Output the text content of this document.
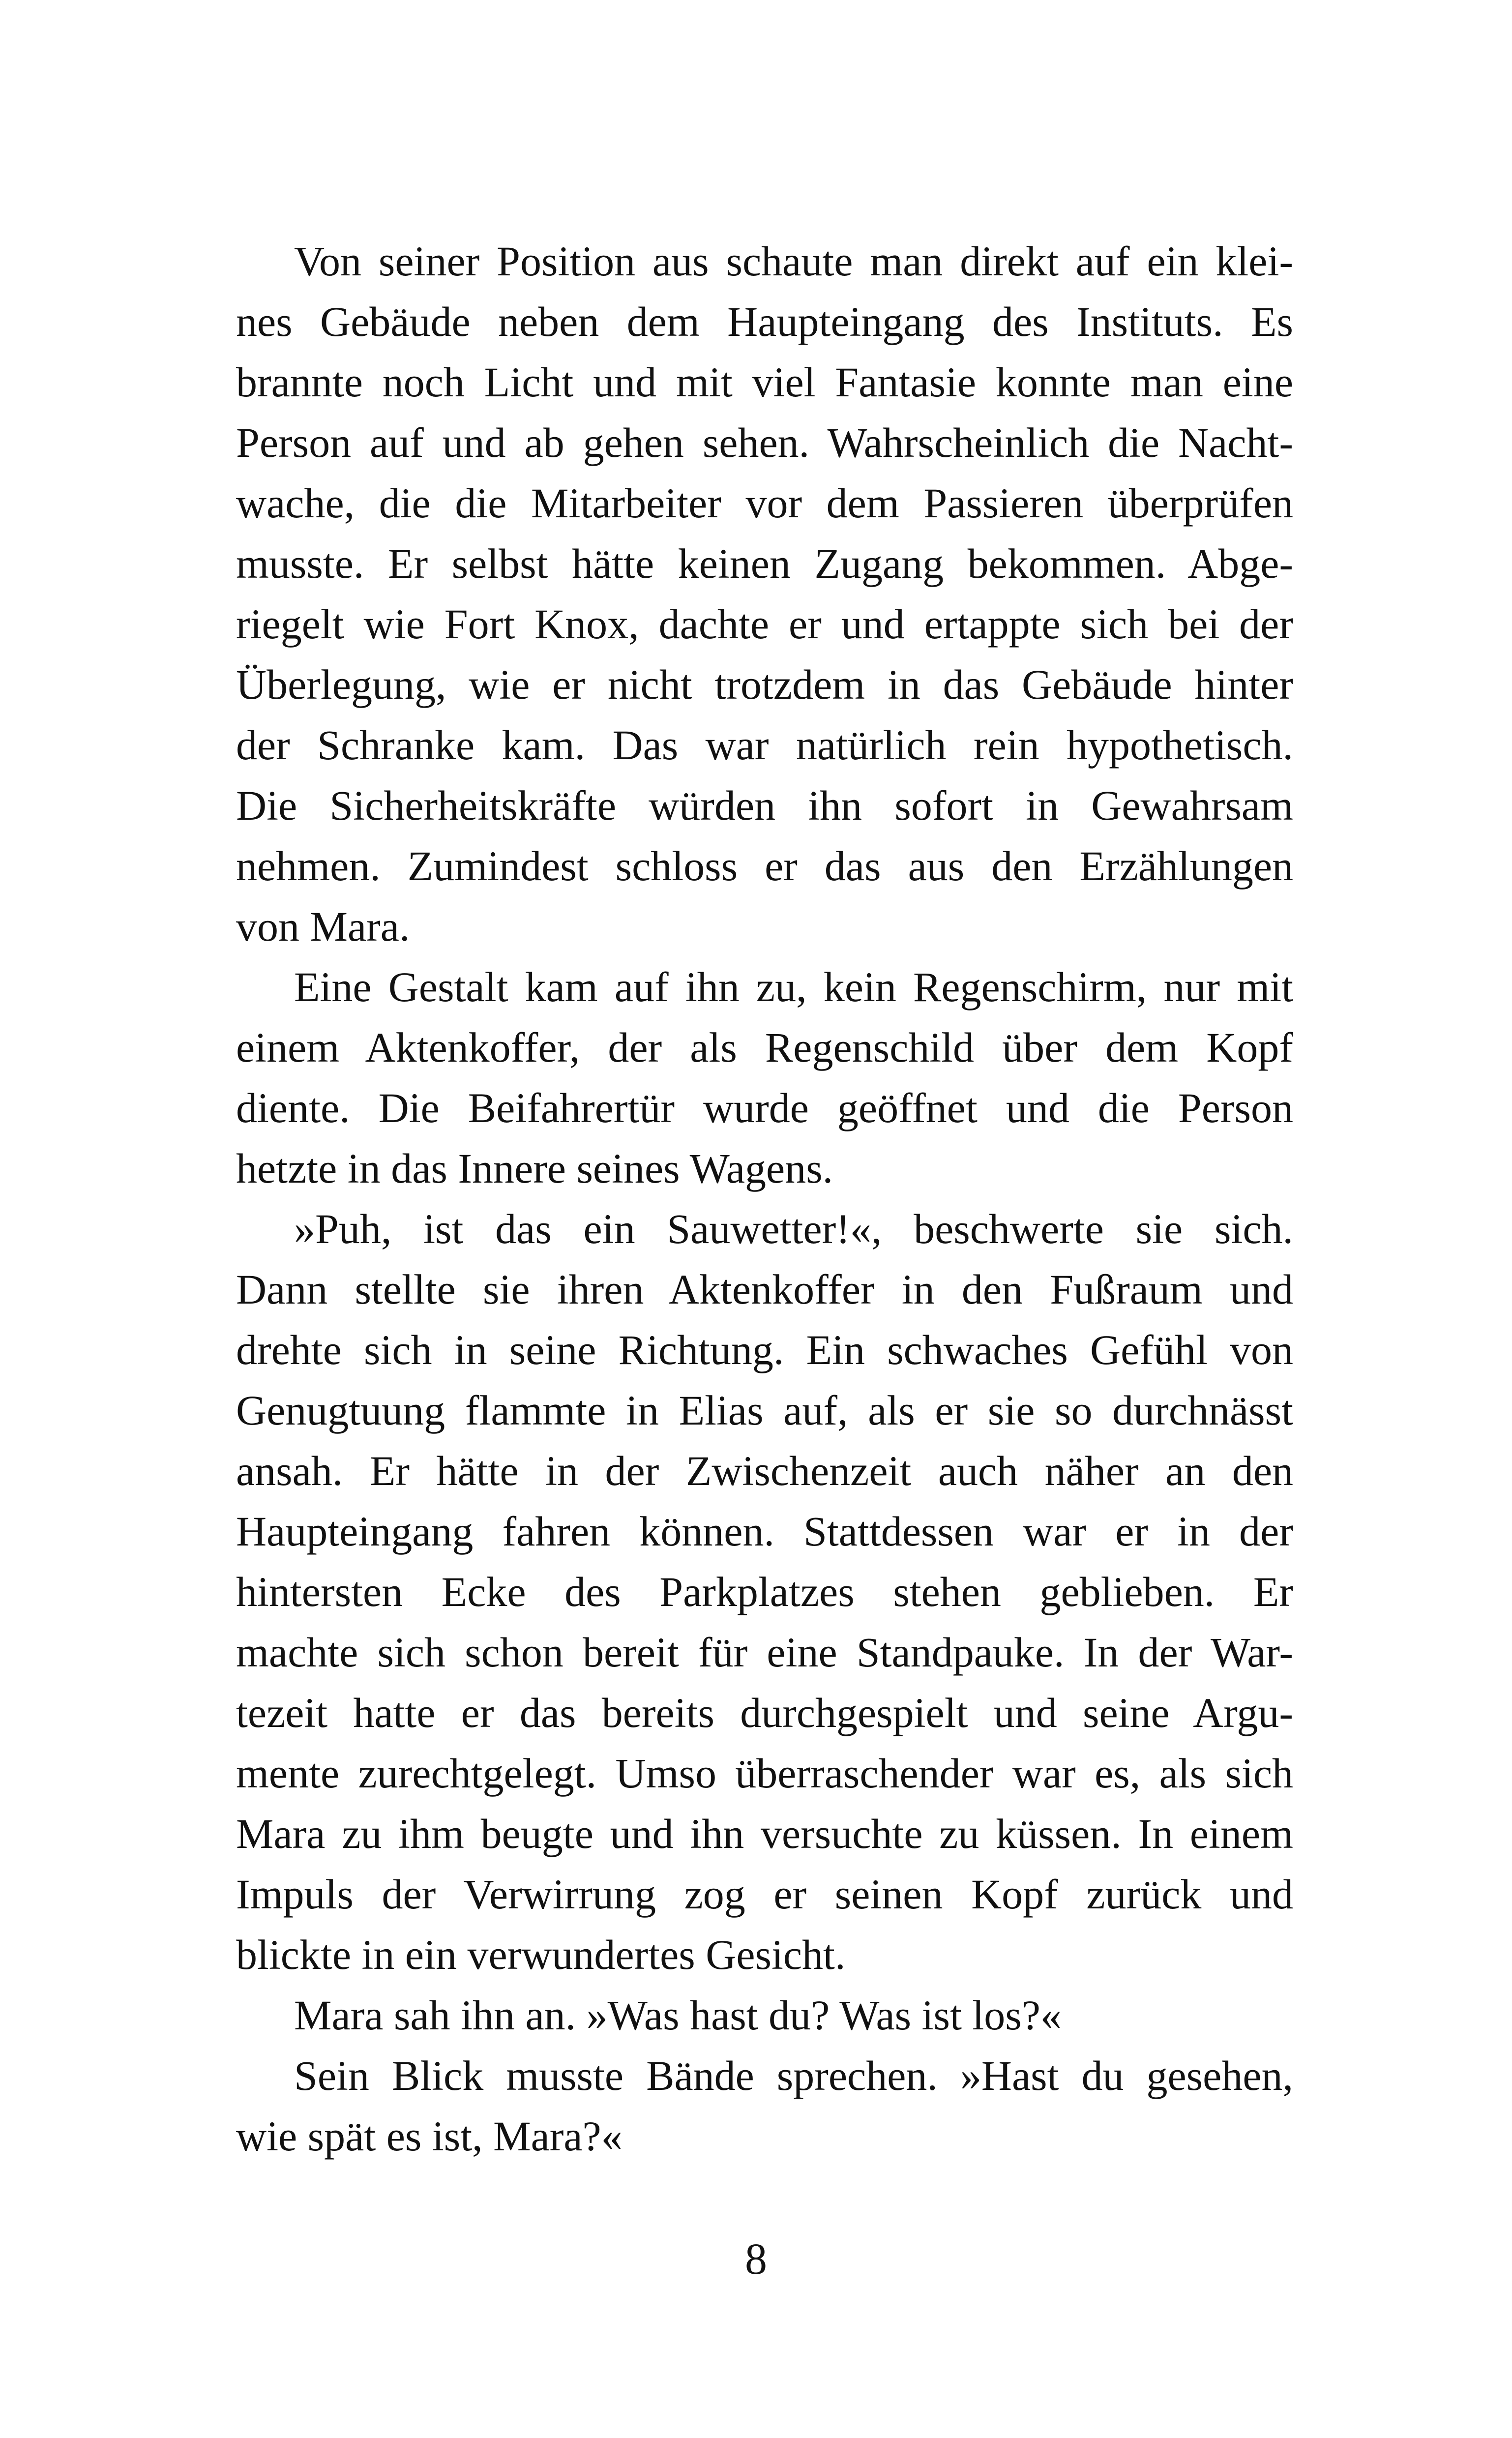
Von seiner Position aus schaute man direkt auf ein klei-
nes Gebäude neben dem Haupteingang des Instituts. Es
brannte noch Licht und mit viel Fantasie konnte man eine
Person auf und ab gehen sehen. Wahrscheinlich die Nacht-
wache, die die Mitarbeiter vor dem Passieren überprüfen
musste. Er selbst hätte keinen Zugang bekommen. Abge-
riegelt wie Fort Knox, dachte er und ertappte sich bei der
Überlegung, wie er nicht trotzdem in das Gebäude hinter
der Schranke kam. Das war natürlich rein hypothetisch.
Die Sicherheitskräfte würden ihn sofort in Gewahrsam
nehmen. Zumindest schloss er das aus den Erzählungen
von Mara.
Eine Gestalt kam auf ihn zu, kein Regenschirm, nur mit
einem Aktenkoffer, der als Regenschild über dem Kopf
diente. Die Beifahrertür wurde geöffnet und die Person
hetzte in das Innere seines Wagens.
»Puh, ist das ein Sauwetter!«, beschwerte sie sich.
Dann stellte sie ihren Aktenkoffer in den Fußraum und
drehte sich in seine Richtung. Ein schwaches Gefühl von
Genugtuung flammte in Elias auf, als er sie so durchnässt
ansah. Er hätte in der Zwischenzeit auch näher an den
Haupteingang fahren können. Stattdessen war er in der
hintersten Ecke des Parkplatzes stehen geblieben. Er
machte sich schon bereit für eine Standpauke. In der War-
tezeit hatte er das bereits durchgespielt und seine Argu-
mente zurechtgelegt. Umso überraschender war es, als sich
Mara zu ihm beugte und ihn versuchte zu küssen. In einem
Impuls der Verwirrung zog er seinen Kopf zurück und
blickte in ein verwundertes Gesicht.
Mara sah ihn an. »Was hast du? Was ist los?«
Sein Blick musste Bände sprechen. »Hast du gesehen,
wie spät es ist, Mara?«
8
